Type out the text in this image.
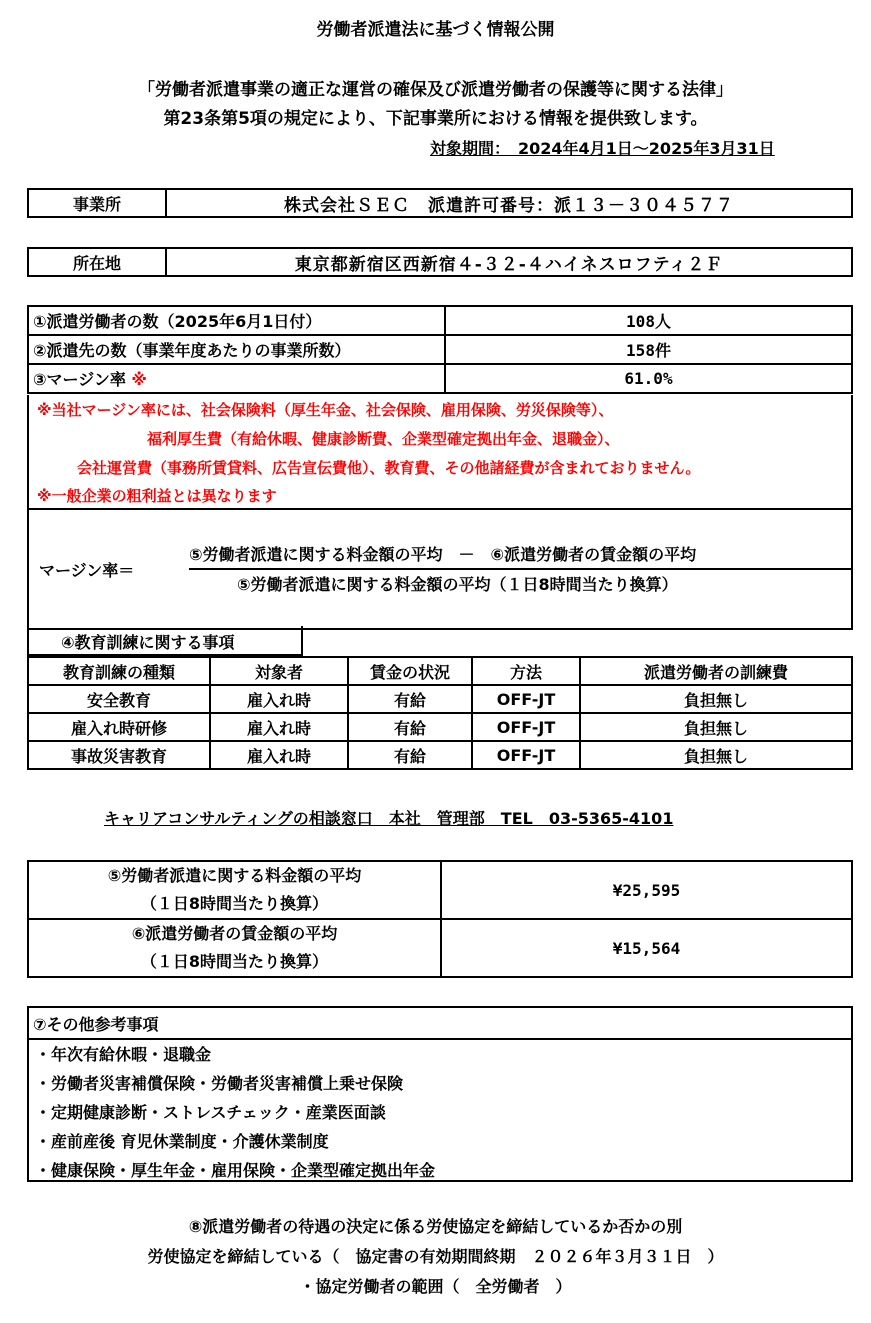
労働者派遣法に基づく情報公開
「労働者派遣事業の適正な運営の確保及び派遣労働者の保護等に関する法律」
第23条第5項の規定により、下記事業所における情報を提供致します。
対象期間：　2024年4月1日～2025年3月31日
事業所	株式会社ＳＥＣ　派遣許可番号：派１３－３０４５７７
所在地	東京都新宿区西新宿４-３２-４ハイネスロフティ２Ｆ
①派遣労働者の数（2025年6月1日付）	108人
②派遣先の数（事業年度あたりの事業所数）	158件
③マージン率 ※	61.0%
※当社マージン率には、社会保険料（厚生年金、社会保険、雇用保険、労災保険等）、
福利厚生費（有給休暇、健康診断費、企業型確定拠出年金、退職金）、
会社運営費（事務所賃貸料、広告宣伝費他）、教育費、その他諸経費が含まれておりません。
※一般企業の粗利益とは異なります
マージン率＝
⑤労働者派遣に関する料金額の平均　－　⑥派遣労働者の賃金額の平均
⑤労働者派遣に関する料金額の平均（１日8時間当たり換算）
④教育訓練に関する事項
教育訓練の種類	対象者	賃金の状況	方法	派遣労働者の訓練費
安全教育	雇入れ時	有給	OFF-JT	負担無し
雇入れ時研修	雇入れ時	有給	OFF-JT	負担無し
事故災害教育	雇入れ時	有給	OFF-JT	負担無し
キャリアコンサルティングの相談窓口　本社　管理部　TEL　03-5365-4101
⑤労働者派遣に関する料金額の平均
（１日8時間当たり換算）	¥25,595

⑥派遣労働者の賃金額の平均
（１日8時間当たり換算）	¥15,564
⑦その他参考事項
・年次有給休暇・退職金
・労働者災害補償保険・労働者災害補償上乗せ保険
・定期健康診断・ストレスチェック・産業医面談
・産前産後 育児休業制度・介護休業制度
・健康保険・厚生年金・雇用保険・企業型確定拠出年金
⑧派遣労働者の待遇の決定に係る労使協定を締結しているか否かの別
労使協定を締結している（　協定書の有効期間終期　２０２６年３月３１日　）
・協定労働者の範囲（　全労働者　）
